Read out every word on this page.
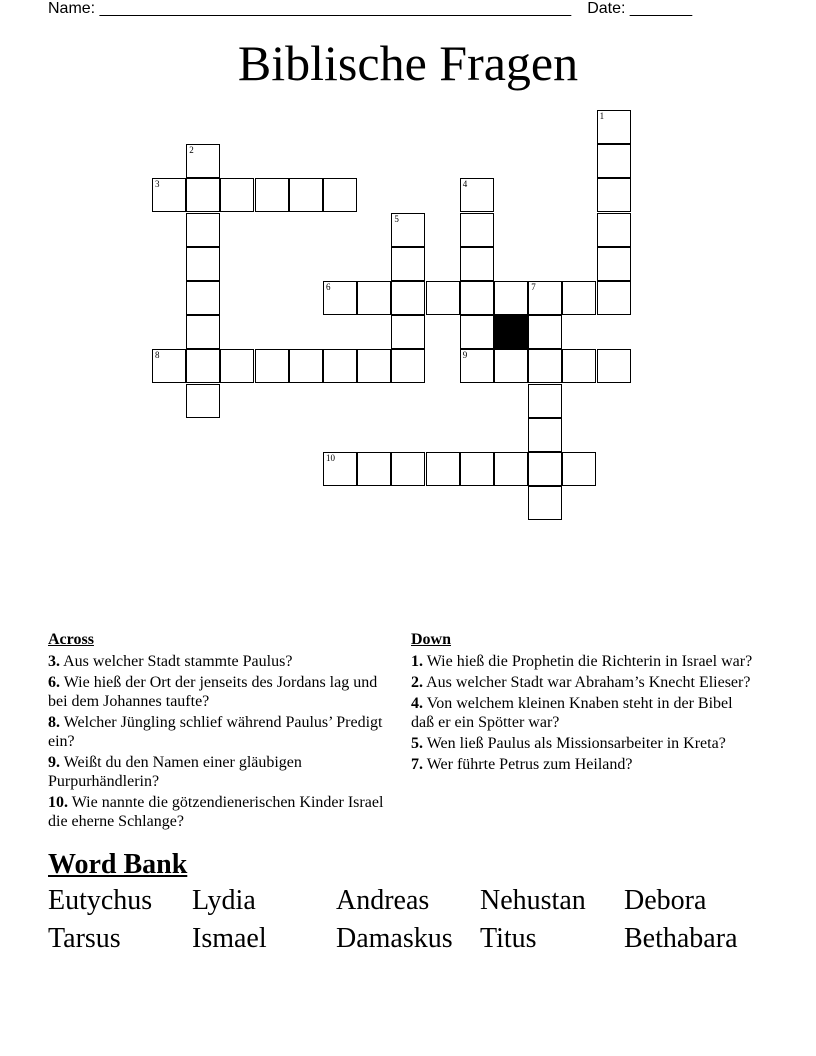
Name: _____________________________________________________ Date: _______
Biblische Fragen
1
2
3	4
9
5
6	7
8
10
Across
3. Aus welcher Stadt stammte Paulus?
6. Wie hieß der Ort der jenseits des Jordans lag und bei dem Johannes taufte?
8. Welcher Jüngling schlief während Paulus’ Predigt ein?
9. Weißt du den Namen einer gläubigen Purpurhändlerin?
10. Wie nannte die götzendienerischen Kinder Israel die eherne Schlange?
Down
1. Wie hieß die Prophetin die Richterin in Israel war?
2. Aus welcher Stadt war Abraham’s Knecht Elieser?
4. Von welchem kleinen Knaben steht in der Bibel daß er ein Spötter war?
5. Wen ließ Paulus als Missionsarbeiter in Kreta?
7. Wer führte Petrus zum Heiland?
Word Bank
Eutychus Lydia	Andreas Nehustan Debora
Tarsus	Ismael Damaskus Titus	Bethabara
